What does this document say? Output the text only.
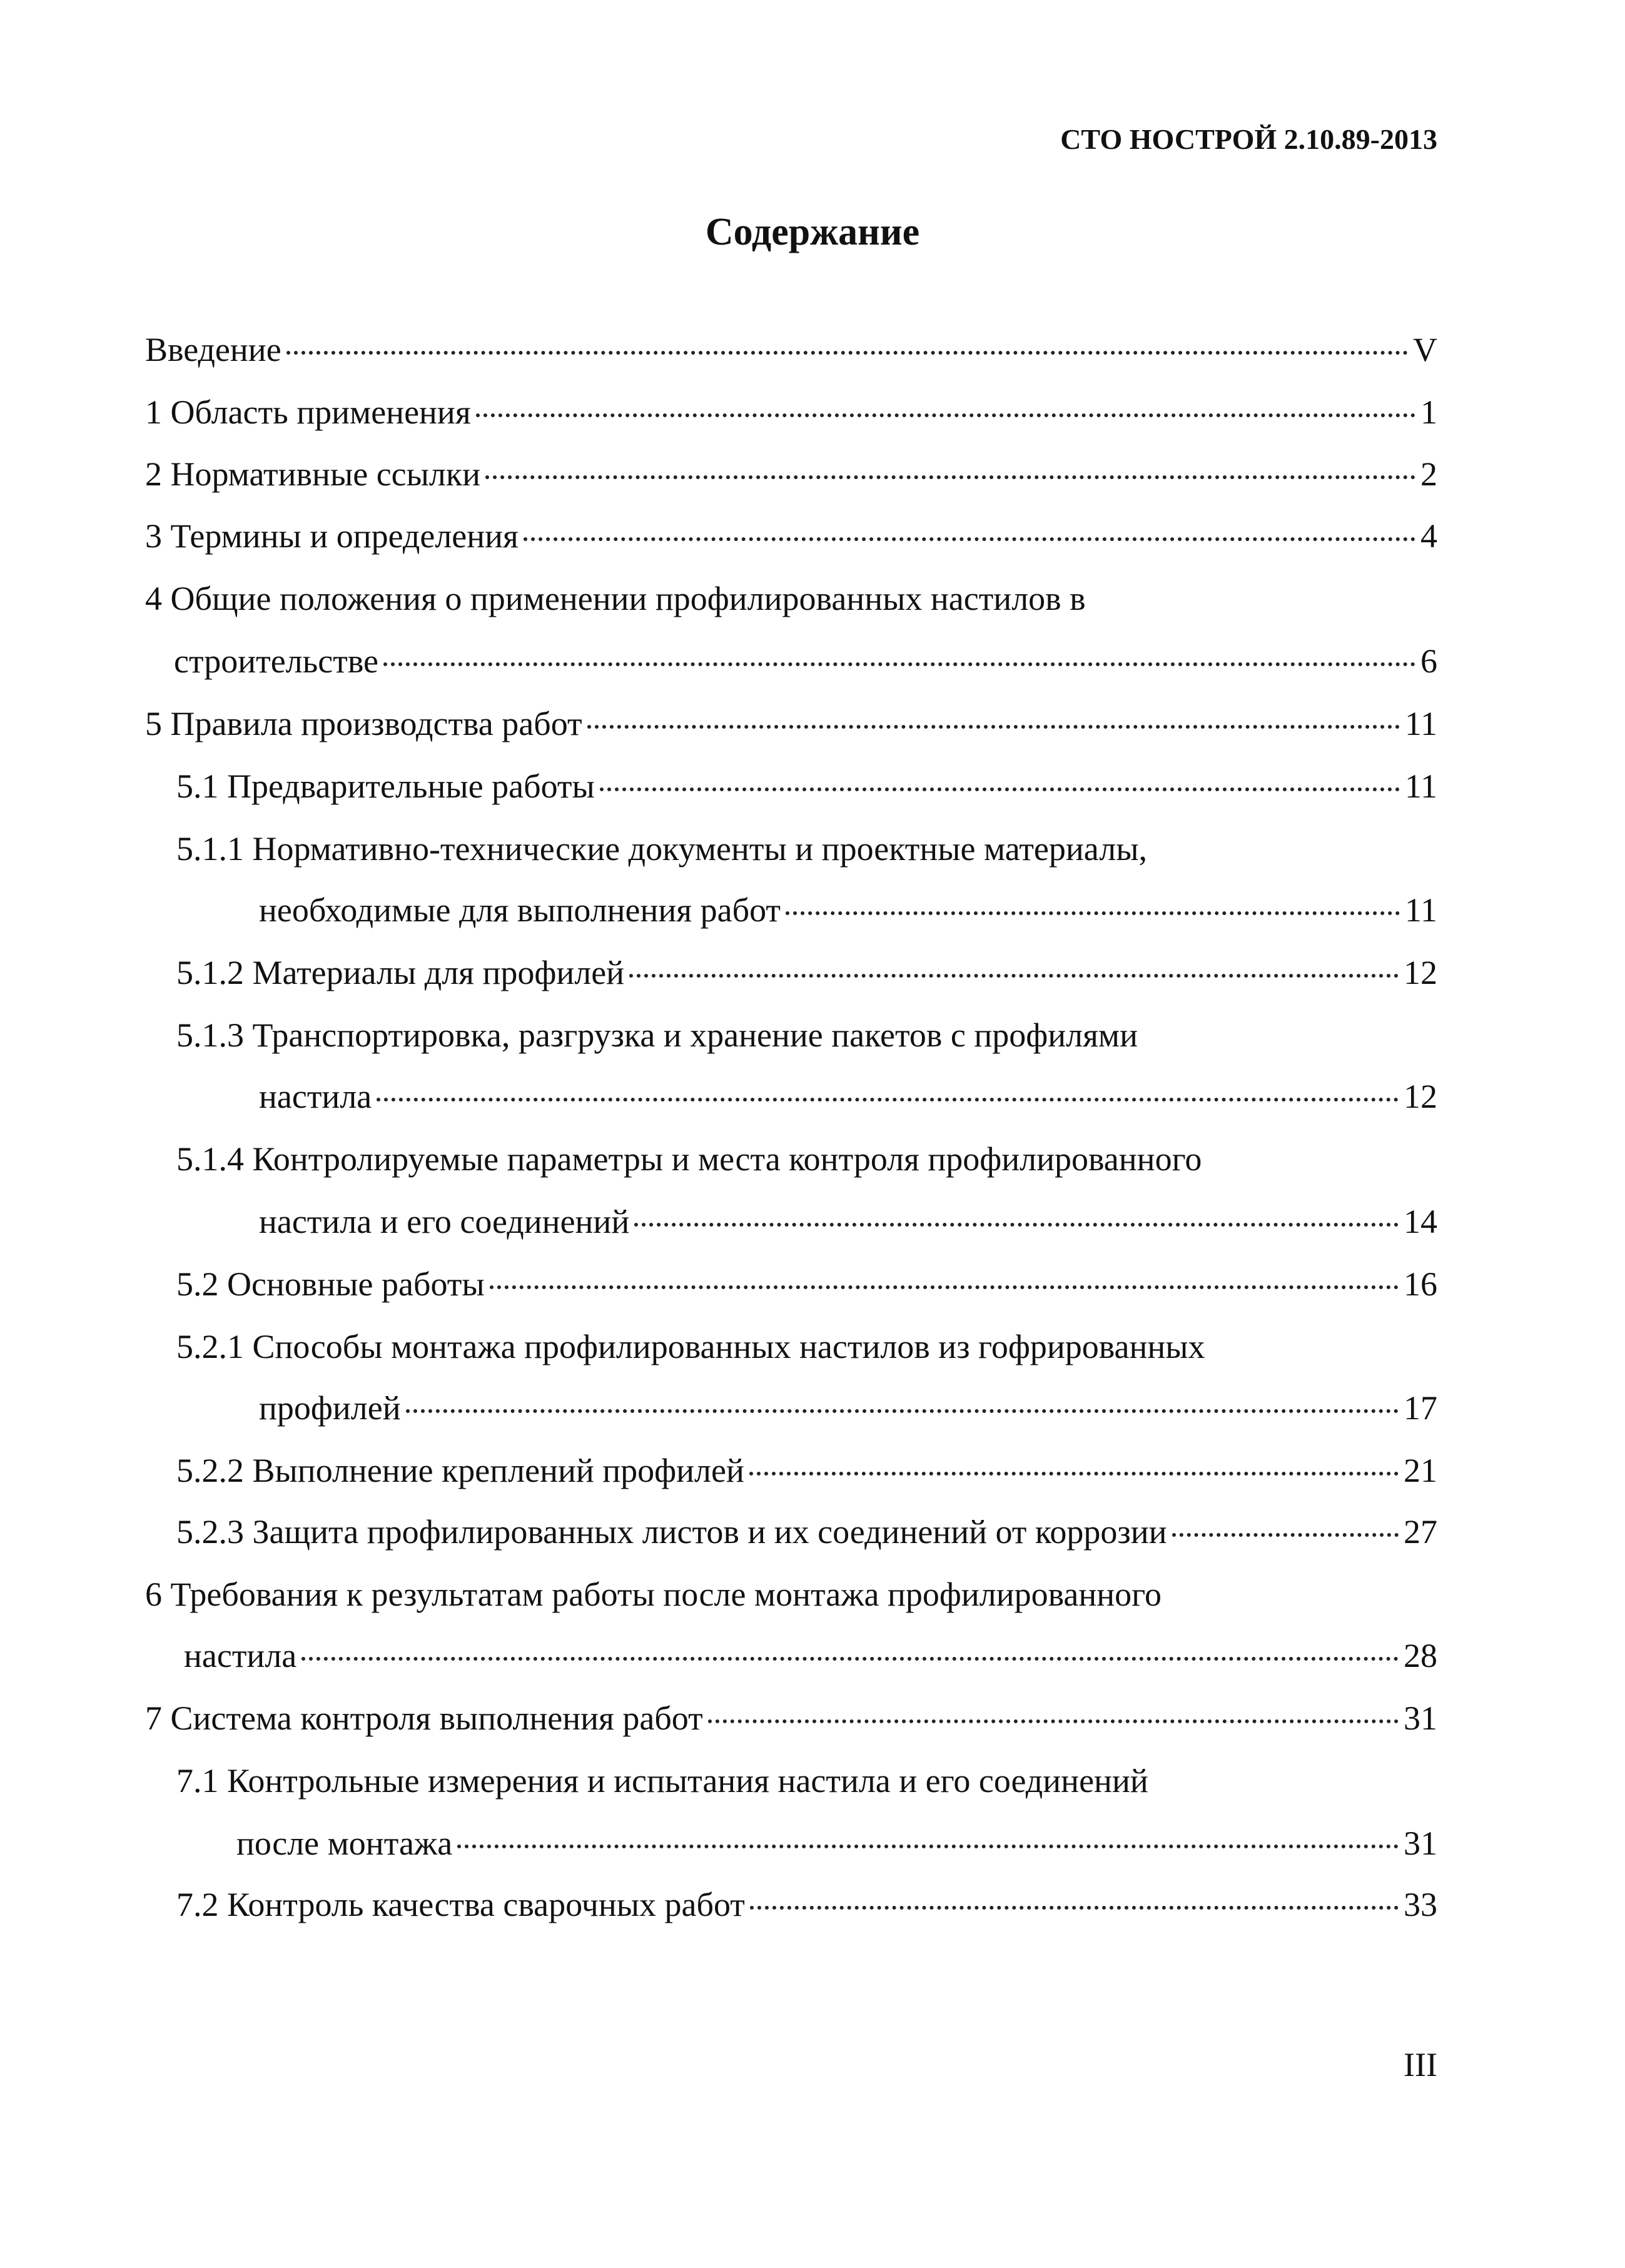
СТО НОСТРОЙ 2.10.89-2013
Содержание
Введение	V
1 Область применения	1
2 Нормативные ссылки	2
3 Термины и определения	4
4 Общие положения о применении профилированных настилов в
строительстве	6
5 Правила производства работ	11
5.1 Предварительные работы	11
5.1.1 Нормативно-технические документы и проектные материалы,
необходимые для выполнения работ	11
5.1.2 Материалы для профилей	12
5.1.3 Транспортировка, разгрузка и хранение пакетов с профилями
настила	12
5.1.4 Контролируемые параметры и места контроля профилированного
настила и его соединений	14
5.2 Основные работы	16
5.2.1 Способы монтажа профилированных настилов из гофрированных
профилей	17
5.2.2 Выполнение креплений профилей	21
5.2.3 Защита профилированных листов и их соединений от коррозии	27
6 Требования к результатам работы после монтажа профилированного
настила	28
7 Система контроля выполнения работ	31
7.1 Контрольные измерения и испытания настила и его соединений
после монтажа	31
7.2 Контроль качества сварочных работ	33
III
